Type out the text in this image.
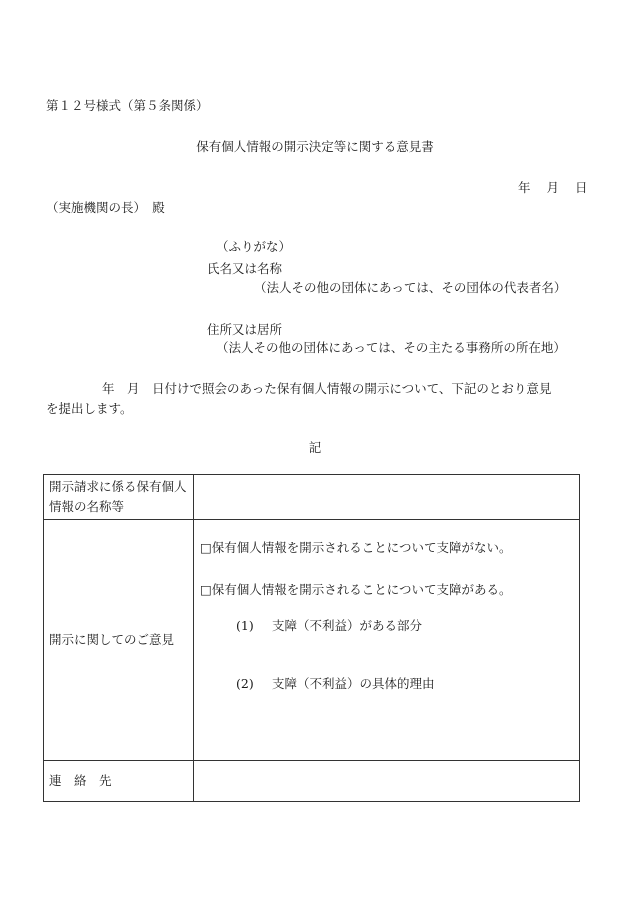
第１２号様式（第５条関係）
保有個人情報の開示決定等に関する意見書
年 月 日
（実施機関の長）　殿
（ふりがな）
氏名又は名称
（法人その他の団体にあっては、その団体の代表者名）
住所又は居所
（法人その他の団体にあっては、その主たる事務所の所在地）
年　月　日付けで照会のあった保有個人情報の開示について、下記のとおり意見
を提出します。
記
開示請求に係る保有個人情報の名称等	
開示に関してのご意見	□保有個人情報を開示されることについて支障がない。
□保有個人情報を開示されることについて支障がある。
(1) 支障（不利益）がある部分
(2) 支障（不利益）の具体的理由

連　絡　先	
